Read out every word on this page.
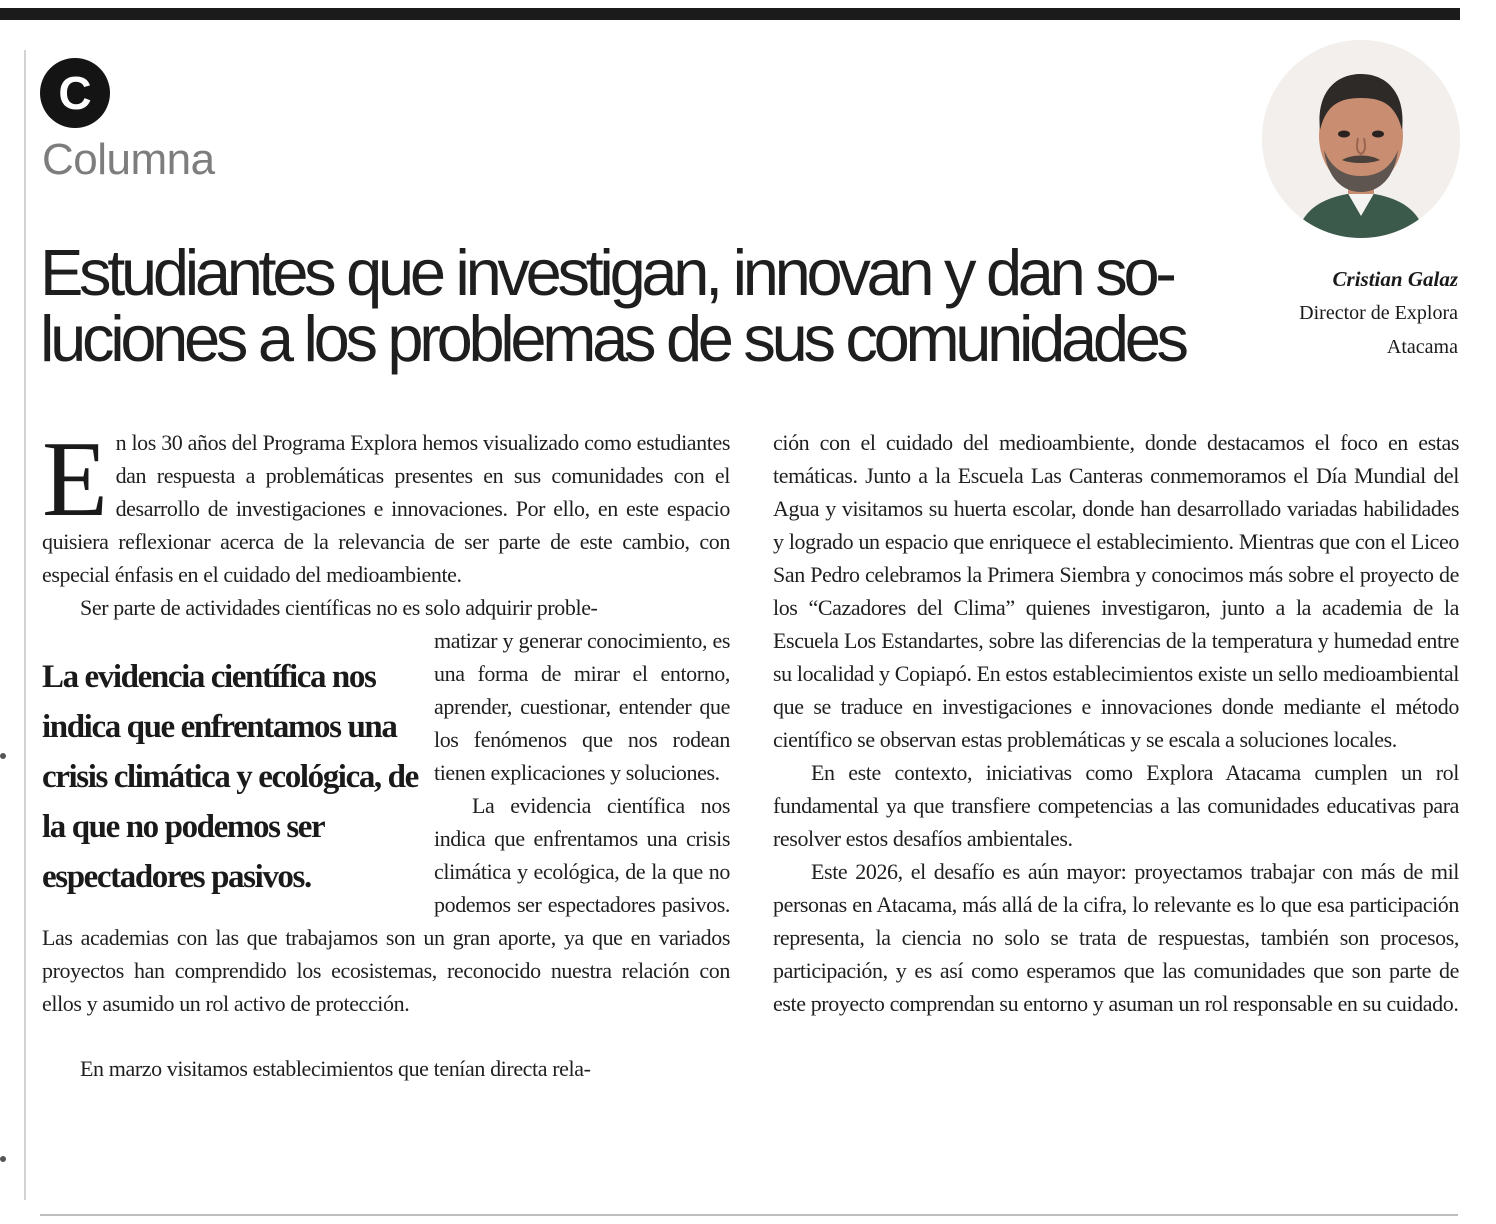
C
Columna
Estudiantes que investigan, innovan y dan so-
luciones a los problemas de sus comunidades
Cristian Galaz
Director de Explora
Atacama

En los 30 años del Programa Explora hemos visualizado como estudiantes dan respuesta a problemáticas presentes en sus comunidades con el desarrollo de investigaciones e innovaciones. Por ello, en este espacio quisiera reflexionar acerca de la relevancia de ser parte de este cambio, con especial énfasis en el cuidado del medioambiente.

Ser parte de actividades científicas no es solo adquirir proble-

La evidencia científica nos indica que enfrentamos una crisis climática y ecológica, de la que no podemos ser espectadores pasivos.

matizar y generar conocimiento, es una forma de mirar el entorno, aprender, cuestionar, entender que los fenómenos que nos rodean tienen explicaciones y soluciones.

La evidencia científica nos indica que enfrentamos una crisis climática y ecológica, de la que no podemos ser espectadores pasivos. Las academias con las que trabajamos son un gran aporte, ya que en variados proyectos han comprendido los ecosistemas, reconocido nuestra relación con ellos y asumido un rol activo de protección.

En marzo visitamos establecimientos que tenían directa rela-

ción con el cuidado del medioambiente, donde destacamos el foco en estas temáticas. Junto a la Escuela Las Canteras conmemoramos el Día Mundial del Agua y visitamos su huerta escolar, donde han desarrollado variadas habilidades y logrado un espacio que enriquece el establecimiento. Mientras que con el Liceo San Pedro celebramos la Primera Siembra y conocimos más sobre el proyecto de los “Cazadores del Clima” quienes investigaron, junto a la academia de la Escuela Los Estandartes, sobre las diferencias de la temperatura y humedad entre su localidad y Copiapó. En estos establecimientos existe un sello medioambiental que se traduce en investigaciones e innovaciones donde mediante el método científico se observan estas problemáticas y se escala a soluciones locales.

En este contexto, iniciativas como Explora Atacama cumplen un rol fundamental ya que transfiere competencias a las comunidades educativas para resolver estos desafíos ambientales.

Este 2026, el desafío es aún mayor: proyectamos trabajar con más de mil personas en Atacama, más allá de la cifra, lo relevante es lo que esa participación representa, la ciencia no solo se trata de respuestas, también son procesos, participación, y es así como esperamos que las comunidades que son parte de este proyecto comprendan su entorno y asuman un rol responsable en su cuidado.
